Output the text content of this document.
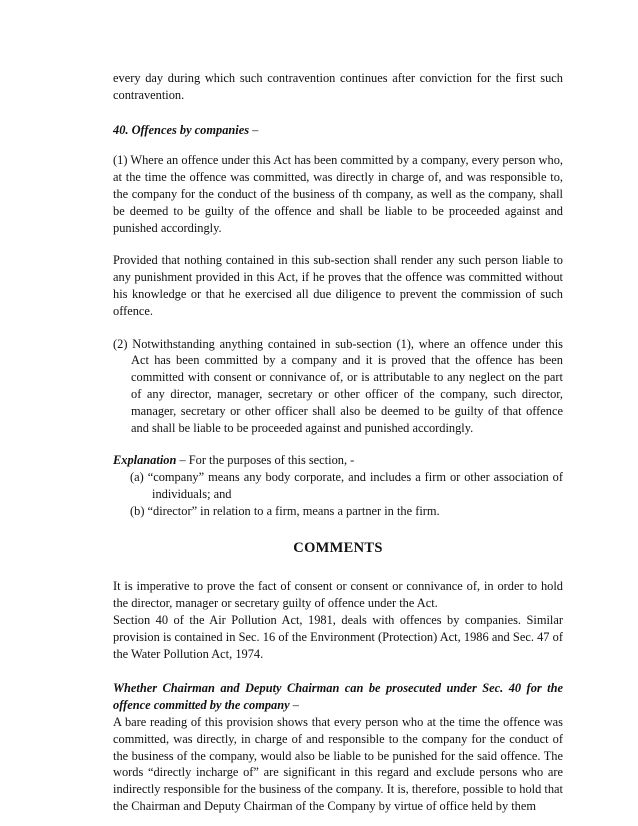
every day during which such contravention continues after conviction for the first such contravention.

40. Offences by companies –

(1) Where an offence under this Act has been committed by a company, every person who, at the time the offence was committed, was directly in charge of, and was responsible to, the company for the conduct of the business of th company, as well as the company, shall be deemed to be guilty of the offence and shall be liable to be proceeded against and punished accordingly.

Provided that nothing contained in this sub-section shall render any such person liable to any punishment provided in this Act, if he proves that the offence was committed without his knowledge or that he exercised all due diligence to prevent the commission of such offence.

(2) Notwithstanding anything contained in sub-section (1), where an offence under this Act has been committed by a company and it is proved that the offence has been committed with consent or connivance of, or is attributable to any neglect on the part of any director, manager, secretary or other officer of the company, such director, manager, secretary or other officer shall also be deemed to be guilty of that offence and shall be liable to be proceeded against and punished accordingly.

Explanation – For the purposes of this section, -

(a) “company” means any body corporate, and includes a firm or other association of individuals; and
(b) “director” in relation to a firm, means a partner in the firm.

COMMENTS

It is imperative to prove the fact of consent or consent or connivance of, in order to hold the director, manager or secretary guilty of offence under the Act.

Section 40 of the Air Pollution Act, 1981, deals with offences by companies. Similar provision is contained in Sec. 16 of the Environment (Protection) Act, 1986 and Sec. 47 of the Water Pollution Act, 1974.

Whether Chairman and Deputy Chairman can be prosecuted under Sec. 40 for the offence committed by the company –

A bare reading of this provision shows that every person who at the time the offence was committed, was directly, in charge of and responsible to the company for the conduct of the business of the company, would also be liable to be punished for the said offence. The words “directly incharge of” are significant in this regard and exclude persons who are indirectly responsible for the business of the company. It is, therefore, possible to hold that the Chairman and Deputy Chairman of the Company by virtue of office held by them
